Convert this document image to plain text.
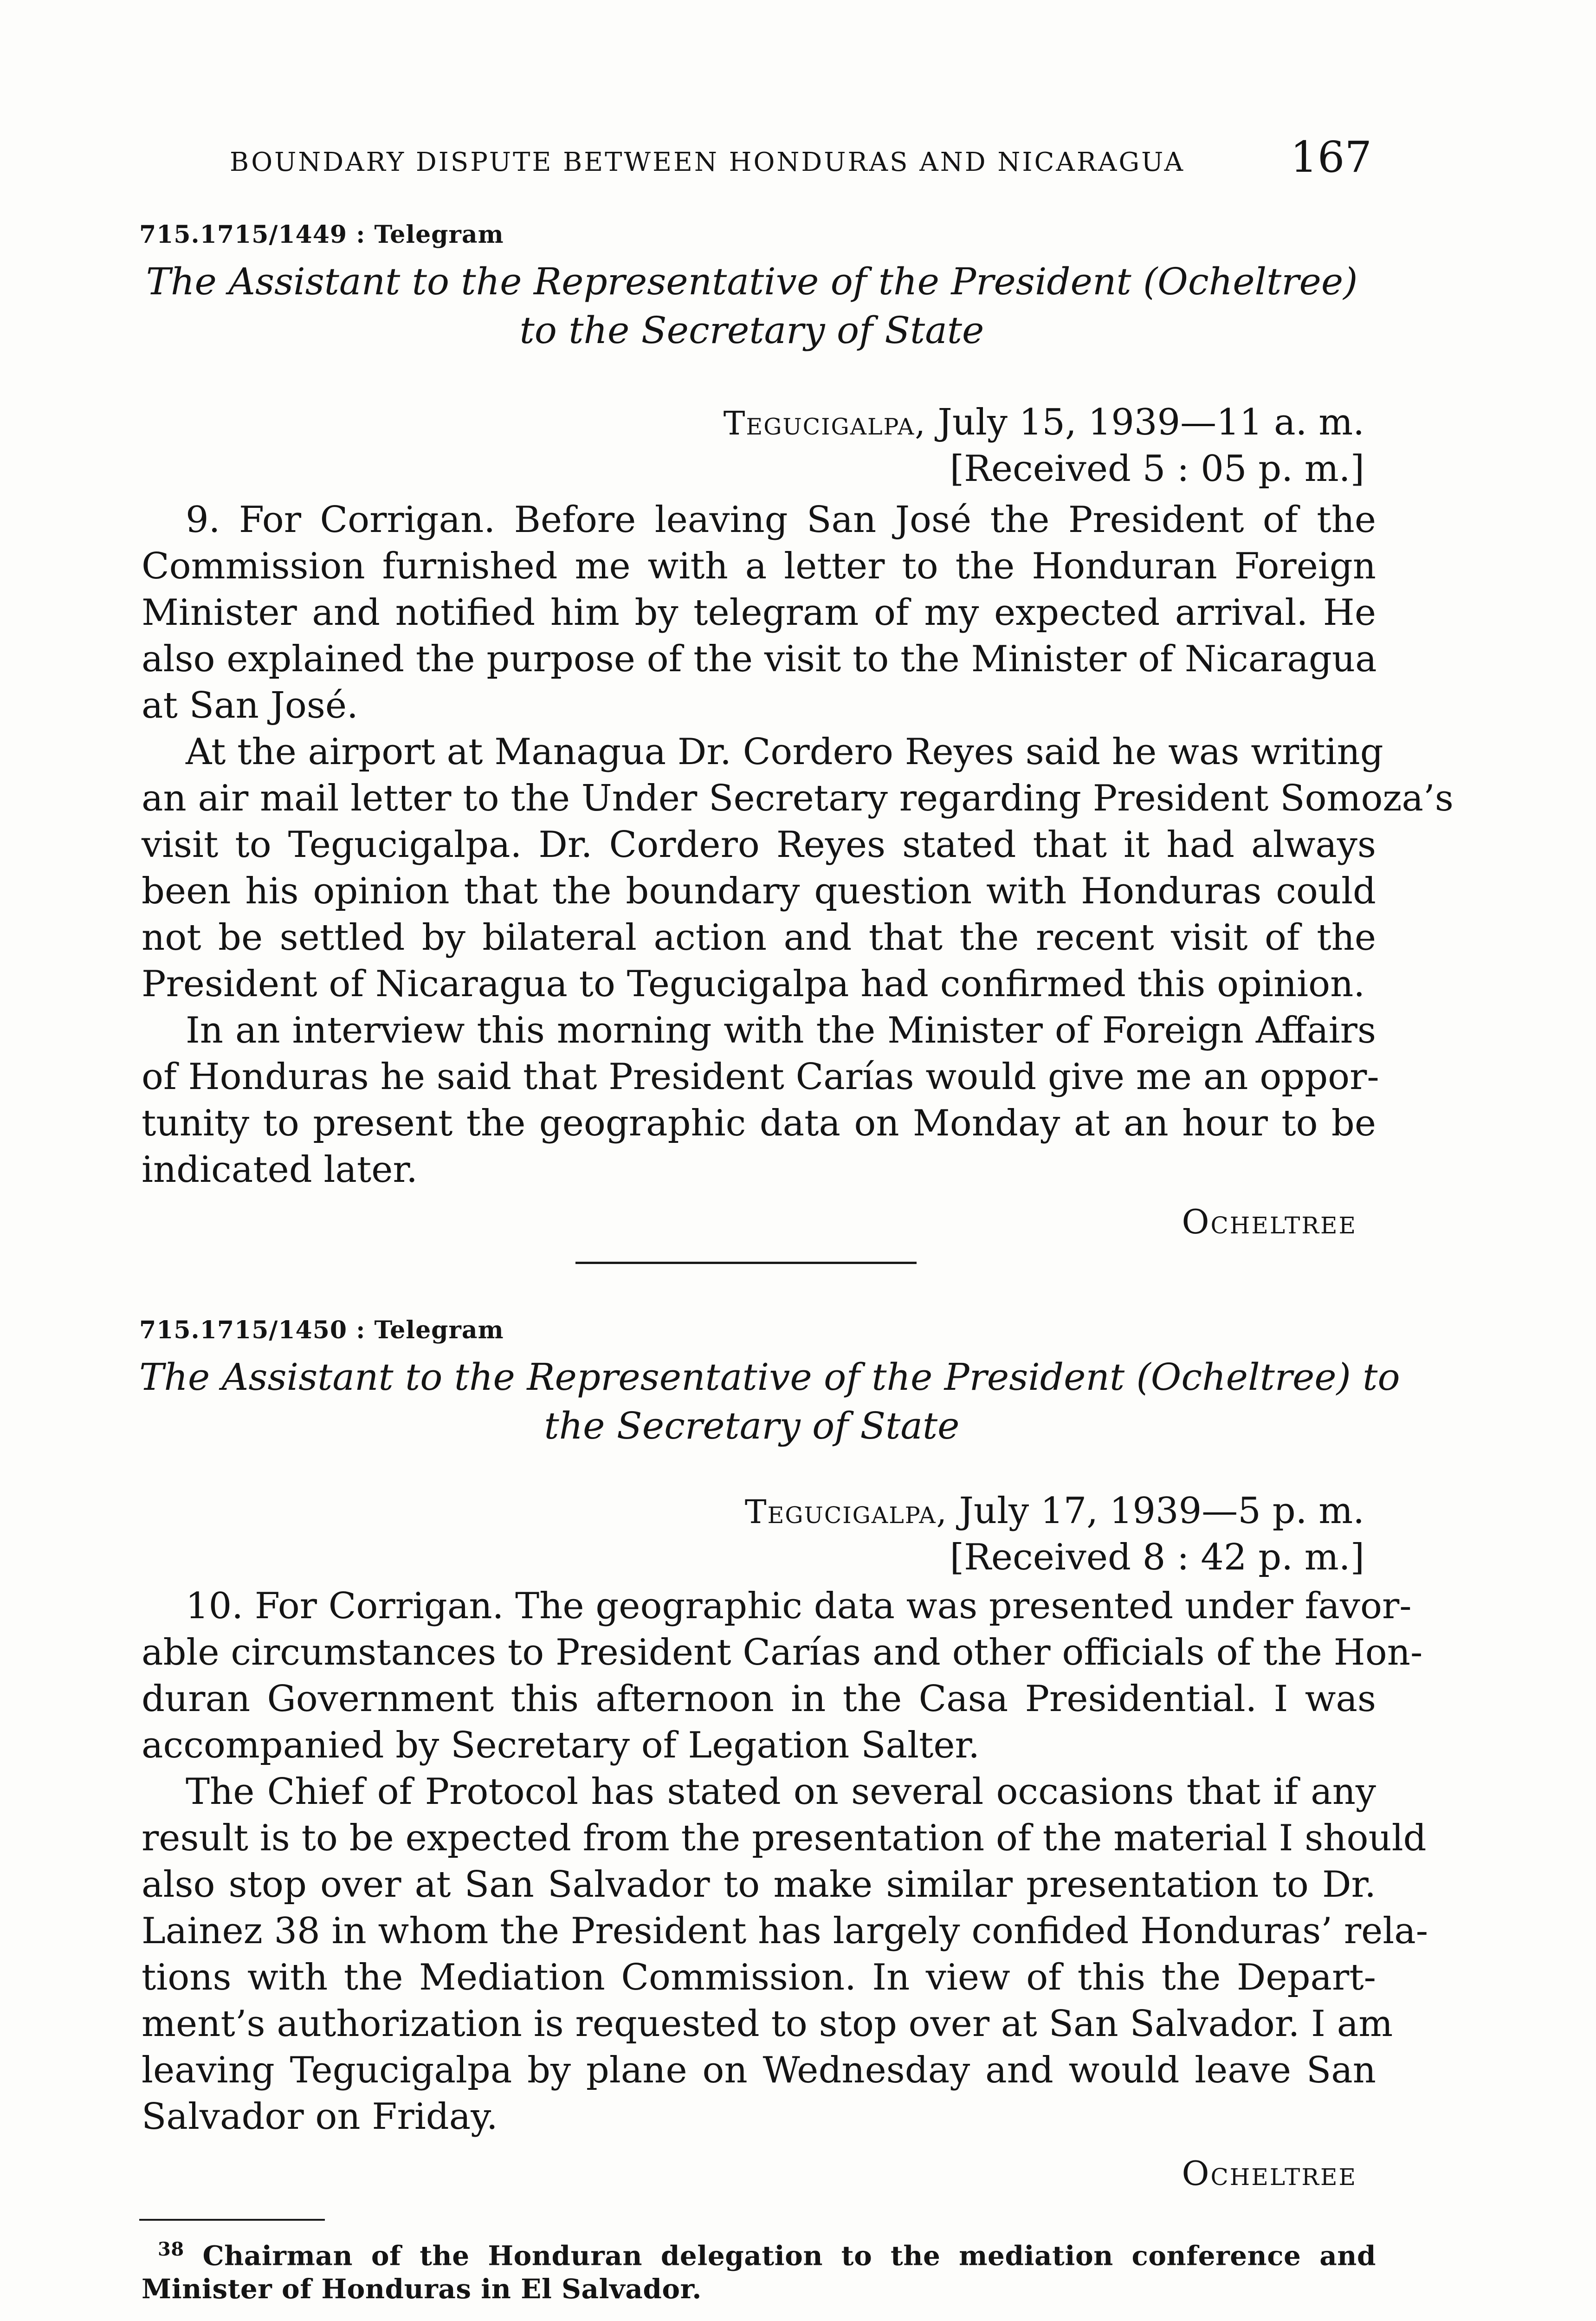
BOUNDARY DISPUTE BETWEEN HONDURAS AND NICARAGUA 167
715.1715/1449 : Telegram
The Assistant to the Representative of the President (Ocheltree)
to the Secretary of State
Tegucigalpa, July 15, 1939—11 a. m.
[Received 5 : 05 p. m.]
9. For Corrigan. Before leaving San José the President of the
Commission furnished me with a letter to the Honduran Foreign
Minister and notified him by telegram of my expected arrival. He
also explained the purpose of the visit to the Minister of Nicaragua
at San José.
At the airport at Managua Dr. Cordero Reyes said he was writing
an air mail letter to the Under Secretary regarding President Somoza’s
visit to Tegucigalpa. Dr. Cordero Reyes stated that it had always
been his opinion that the boundary question with Honduras could
not be settled by bilateral action and that the recent visit of the
President of Nicaragua to Tegucigalpa had confirmed this opinion.
In an interview this morning with the Minister of Foreign Affairs
of Honduras he said that President Carías would give me an oppor-
tunity to present the geographic data on Monday at an hour to be
indicated later.
Ocheltree
715.1715/1450 : Telegram
The Assistant to the Representative of the President (Ocheltree) to
the Secretary of State
Tegucigalpa, July 17, 1939—5 p. m.
[Received 8 : 42 p. m.]
10. For Corrigan. The geographic data was presented under favor-
able circumstances to President Carías and other officials of the Hon-
duran Government this afternoon in the Casa Presidential. I was
accompanied by Secretary of Legation Salter.
The Chief of Protocol has stated on several occasions that if any
result is to be expected from the presentation of the material I should
also stop over at San Salvador to make similar presentation to Dr.
Lainez 38 in whom the President has largely confided Honduras’ rela-
tions with the Mediation Commission. In view of this the Depart-
ment’s authorization is requested to stop over at San Salvador. I am
leaving Tegucigalpa by plane on Wednesday and would leave San
Salvador on Friday.
Ocheltree
$^{38}$ Chairman of the Honduran delegation to the mediation conference and
Minister of Honduras in El Salvador.
